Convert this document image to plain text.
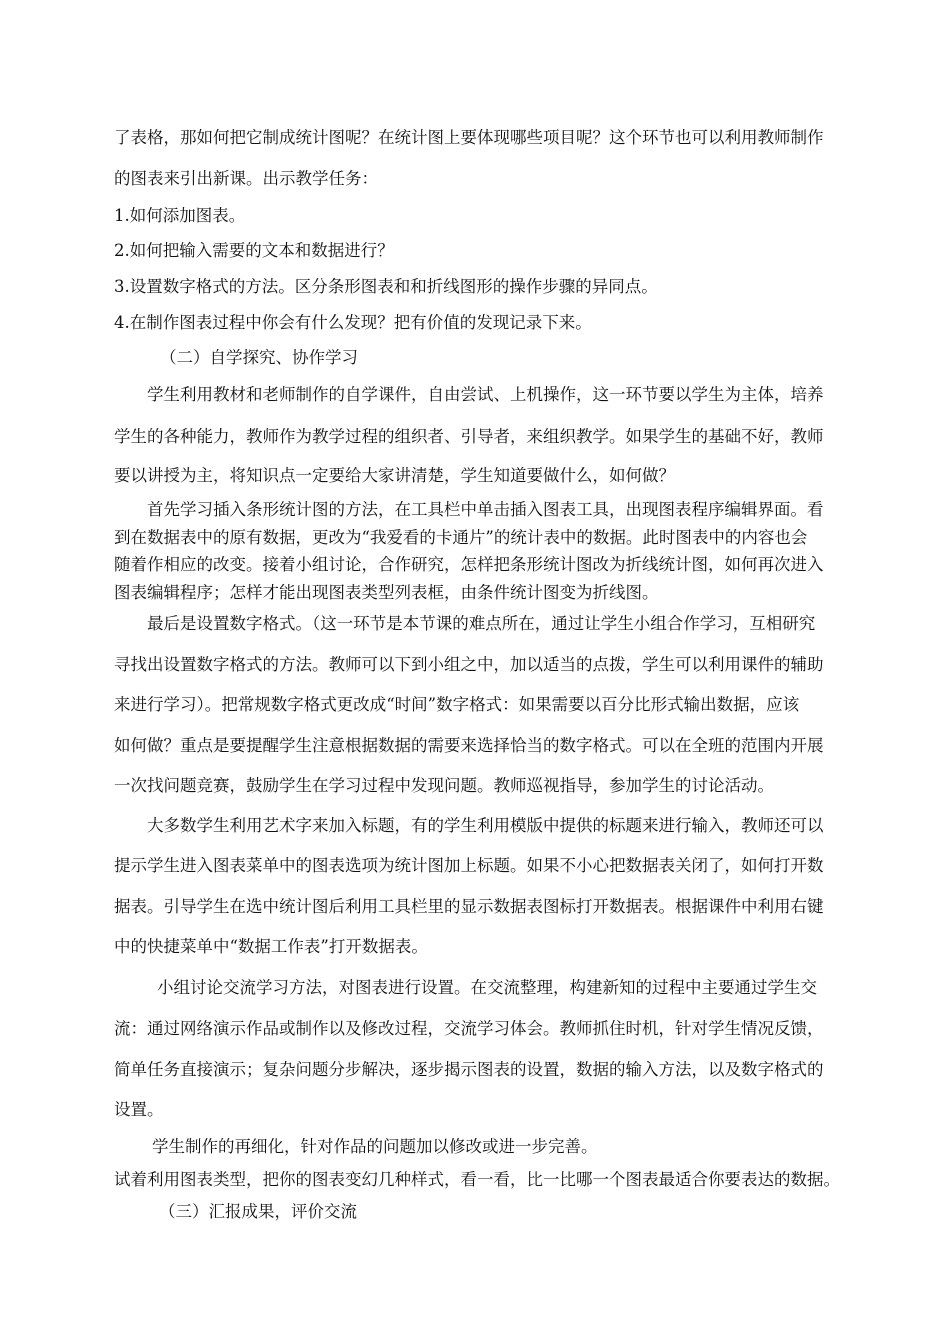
了表格，那如何把它制成统计图呢？在统计图上要体现哪些项目呢？这个环节也可以利用教师制作
的图表来引出新课。出示教学任务：
1.如何添加图表。
2.如何把输入需要的文本和数据进行？
3.设置数字格式的方法。区分条形图表和和折线图形的操作步骤的异同点。
4.在制作图表过程中你会有什么发现？把有价值的发现记录下来。
（二）自学探究、协作学习
学生利用教材和老师制作的自学课件，自由尝试、上机操作，这一环节要以学生为主体，培养
学生的各种能力，教师作为教学过程的组织者、引导者，来组织教学。如果学生的基础不好，教师
要以讲授为主，将知识点一定要给大家讲清楚，学生知道要做什么，如何做？
首先学习插入条形统计图的方法，在工具栏中单击插入图表工具，出现图表程序编辑界面。看
到在数据表中的原有数据，更改为“我爱看的卡通片”的统计表中的数据。此时图表中的内容也会
随着作相应的改变。接着小组讨论，合作研究，怎样把条形统计图改为折线统计图，如何再次进入
图表编辑程序；怎样才能出现图表类型列表框，由条件统计图变为折线图。
最后是设置数字格式。（这一环节是本节课的难点所在，通过让学生小组合作学习，互相研究
寻找出设置数字格式的方法。教师可以下到小组之中，加以适当的点拨，学生可以利用课件的辅助
来进行学习）。把常规数字格式更改成“时间”数字格式：如果需要以百分比形式输出数据，应该
如何做？重点是要提醒学生注意根据数据的需要来选择恰当的数字格式。可以在全班的范围内开展
一次找问题竞赛，鼓励学生在学习过程中发现问题。教师巡视指导，参加学生的讨论活动。
大多数学生利用艺术字来加入标题，有的学生利用模版中提供的标题来进行输入，教师还可以
提示学生进入图表菜单中的图表选项为统计图加上标题。如果不小心把数据表关闭了，如何打开数
据表。引导学生在选中统计图后利用工具栏里的显示数据表图标打开数据表。根据课件中利用右键
中的快捷菜单中“数据工作表”打开数据表。
小组讨论交流学习方法，对图表进行设置。在交流整理，构建新知的过程中主要通过学生交
流：通过网络演示作品或制作以及修改过程，交流学习体会。教师抓住时机，针对学生情况反馈，
简单任务直接演示；复杂问题分步解决，逐步揭示图表的设置，数据的输入方法，以及数字格式的
设置。
学生制作的再细化，针对作品的问题加以修改或进一步完善。
试着利用图表类型，把你的图表变幻几种样式，看一看，比一比哪一个图表最适合你要表达的数据。
（三）汇报成果，评价交流
